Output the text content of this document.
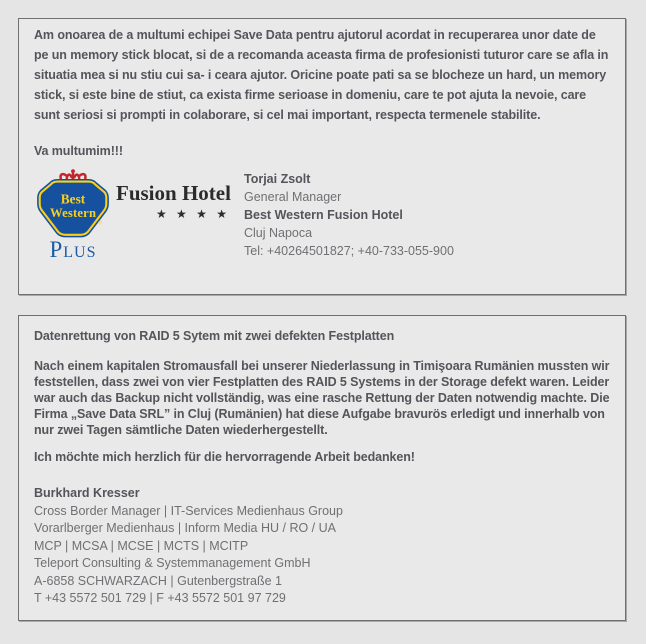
Am onoarea de a multumi echipei Save Data pentru ajutorul acordat in recuperarea unor date de pe un memory stick blocat, si de a recomanda aceasta firma de profesionisti tuturor care se afla in situatia mea si nu stiu cui sa- i ceara ajutor. Oricine poate pati sa se blocheze un hard, un memory stick, si este bine de stiut, ca exista firme serioase in domeniu, care te pot ajuta la nevoie, care sunt seriosi si prompti in colaborare, si cel mai important, respecta termenele stabilite.

Va multumim!!!

Best
Western
®
Plus
Fusion Hotel
★ ★ ★ ★
Torjai Zsolt
General Manager
Best Western Fusion Hotel
Cluj Napoca
Tel: +40264501827; +40-733-055-900

Datenrettung von RAID 5 Sytem mit zwei defekten Festplatten

Nach einem kapitalen Stromausfall bei unserer Niederlassung in Timişoara Rumänien mussten wir feststellen, dass zwei von vier Festplatten des RAID 5 Systems in der Storage defekt waren. Leider war auch das Backup nicht vollständig, was eine rasche Rettung der Daten notwendig machte. Die Firma „Save Data SRL” in Cluj (Rumänien) hat diese Aufgabe bravurös erledigt und innerhalb von nur zwei Tagen sämtliche Daten wiederhergestellt.

Ich möchte mich herzlich für die hervorragende Arbeit bedanken!

Burkhard Kresser
Cross Border Manager | IT-Services Medienhaus Group
Vorarlberger Medienhaus | Inform Media HU / RO / UA
MCP | MCSA | MCSE | MCTS | MCITP
Teleport Consulting & Systemmanagement GmbH
A-6858 SCHWARZACH | Gutenbergstraße 1
T +43 5572 501 729 | F +43 5572 501 97 729
